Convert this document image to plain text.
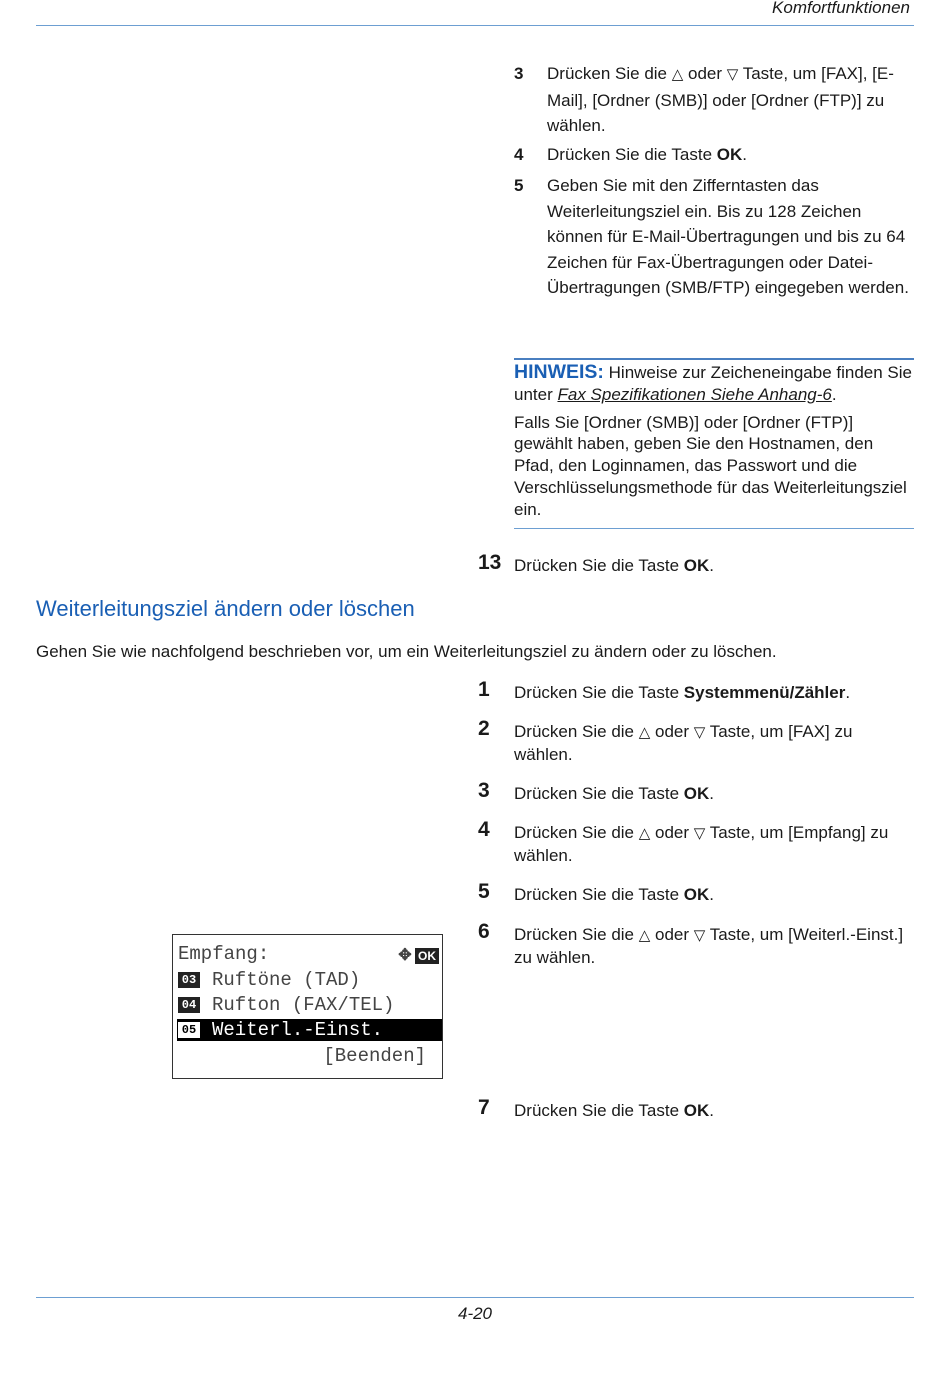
Komfortfunktionen
3 Drücken Sie die △ oder ▽ Taste, um [FAX], [E-Mail], [Ordner (SMB)] oder [Ordner (FTP)] zu wählen.
4 Drücken Sie die Taste OK.
5 Geben Sie mit den Zifferntasten das Weiterleitungsziel ein. Bis zu 128 Zeichen können für E-Mail-Übertragungen und bis zu 64 Zeichen für Fax-Übertragungen oder Datei-Übertragungen (SMB/FTP) eingegeben werden.
HINWEIS: Hinweise zur Zeicheneingabe finden Sie unter Fax Spezifikationen Siehe Anhang-6.
Falls Sie [Ordner (SMB)] oder [Ordner (FTP)] gewählt haben, geben Sie den Hostnamen, den Pfad, den Loginnamen, das Passwort und die Verschlüsselungsmethode für das Weiterleitungsziel ein.
13 Drücken Sie die Taste OK.
Weiterleitungsziel ändern oder löschen
Gehen Sie wie nachfolgend beschrieben vor, um ein Weiterleitungsziel zu ändern oder zu löschen.
1 Drücken Sie die Taste Systemmenü/Zähler.
2 Drücken Sie die △ oder ▽ Taste, um [FAX] zu wählen.
3 Drücken Sie die Taste OK.
4 Drücken Sie die △ oder ▽ Taste, um [Empfang] zu wählen.
5 Drücken Sie die Taste OK.
6 Drücken Sie die △ oder ▽ Taste, um [Weiterl.-Einst.] zu wählen.
7 Drücken Sie die Taste OK.
Empfang:	✥ OK
03 Ruftöne (TAD)
04 Rufton (FAX/TEL)
05 Weiterl.-Einst.
[Beenden]
4-20
